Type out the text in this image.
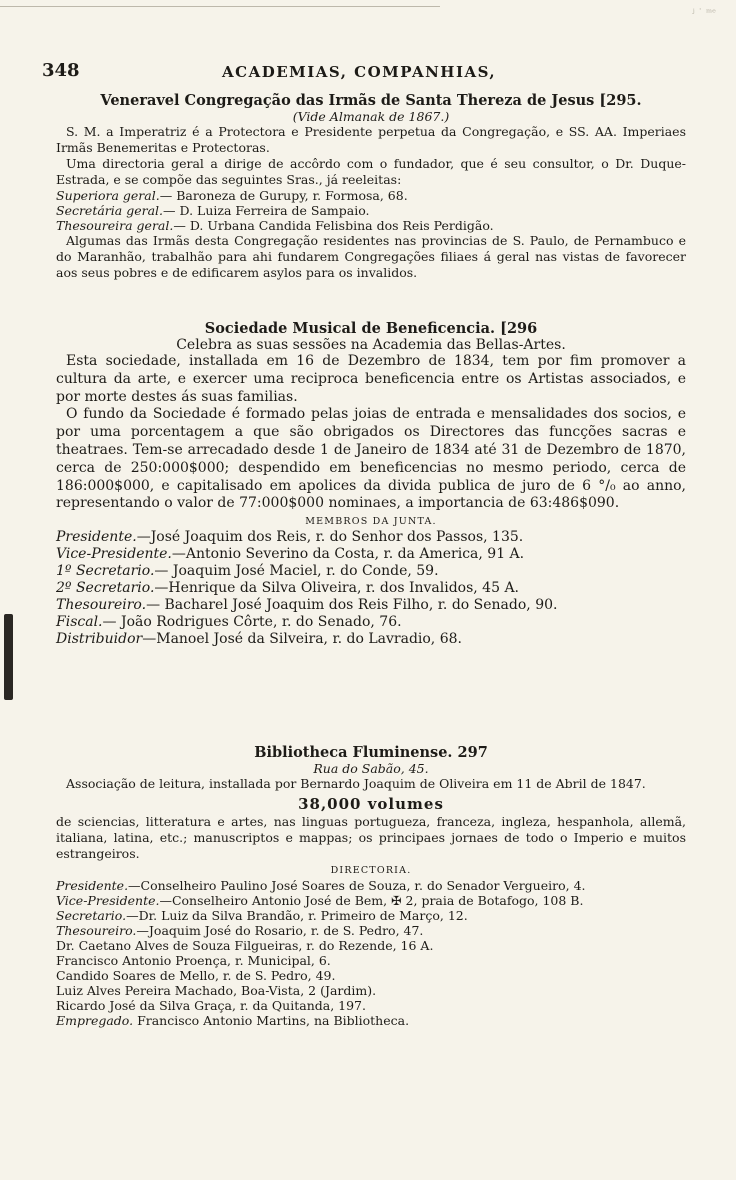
ʲ ˙ ᵐᵉ
348	ACADEMIAS, COMPANHIAS,
Veneravel Congregação das Irmãs de Santa Thereza de Jesus [295.
(Vide Almanak de 1867.)

S. M. a Imperatriz é a Protectora e Presidente perpetua da Congregação, e SS. AA. Imperiaes Irmãs Benemeritas e Protectoras.

Uma directoria geral a dirige de accôrdo com o fundador, que é seu consultor, o Dr. Duque-Estrada, e se compõe das seguintes Sras., já reeleitas:

Superiora geral.— Baroneza de Gurupy, r. Formosa, 68.

Secretária geral.— D. Luiza Ferreira de Sampaio.

Thesoureira geral.— D. Urbana Candida Felisbina dos Reis Perdigão.

Algumas das Irmãs desta Congregação residentes nas provincias de S. Paulo, de Pernambuco e do Maranhão, trabalhão para ahi fundarem Congregações filiaes á geral nas vistas de favorecer aos seus pobres e de edificarem asylos para os invalidos.

Sociedade Musical de Beneficencia. [296
Celebra as suas sessões na Academia das Bellas-Artes.

Esta sociedade, installada em 16 de Dezembro de 1834, tem por fim promover a cultura da arte, e exercer uma reciproca beneficencia entre os Artistas associados, e por morte destes ás suas familias.

O fundo da Sociedade é formado pelas joias de entrada e mensalidades dos socios, e por uma porcentagem a que são obrigados os Directores das funcções sacras e theatraes. Tem-se arrecadado desde 1 de Janeiro de 1834 até 31 de Dezembro de 1870, cerca de 250:000$000; despendido em beneficencias no mesmo periodo, cerca de 186:000$000, e capitalisado em apolices da divida publica de juro de 6 °/₀ ao anno, representando o valor de 77:000$000 nominaes, a importancia de 63:486$090.

MEMBROS DA JUNTA.

Presidente.—José Joaquim dos Reis, r. do Senhor dos Passos, 135.

Vice-Presidente.—Antonio Severino da Costa, r. da America, 91 A.

1º Secretario.— Joaquim José Maciel, r. do Conde, 59.

2º Secretario.—Henrique da Silva Oliveira, r. dos Invalidos, 45 A.

Thesoureiro.— Bacharel José Joaquim dos Reis Filho, r. do Senado, 90.

Fiscal.— João Rodrigues Côrte, r. do Senado, 76.

Distribuidor—Manoel José da Silveira, r. do Lavradio, 68.

Bibliotheca Fluminense. 297
Rua do Sabão, 45.

Associação de leitura, installada por Bernardo Joaquim de Oliveira em 11 de Abril de 1847.

38,000 volumes

de sciencias, litteratura e artes, nas linguas portugueza, franceza, ingleza, hespanhola, allemã, italiana, latina, etc.; manuscriptos e mappas; os principaes jornaes de todo o Imperio e muitos estrangeiros.

DIRECTORIA.

Presidente.—Conselheiro Paulino José Soares de Souza, r. do Senador Vergueiro, 4.

Vice-Presidente.—Conselheiro Antonio José de Bem, ✠ 2, praia de Botafogo, 108 B.

Secretario.—Dr. Luiz da Silva Brandão, r. Primeiro de Março, 12.

Thesoureiro.—Joaquim José do Rosario, r. de S. Pedro, 47.

Dr. Caetano Alves de Souza Filgueiras, r. do Rezende, 16 A.

Francisco Antonio Proença, r. Municipal, 6.

Candido Soares de Mello, r. de S. Pedro, 49.

Luiz Alves Pereira Machado, Boa-Vista, 2 (Jardim).

Ricardo José da Silva Graça, r. da Quitanda, 197.

Empregado. Francisco Antonio Martins, na Bibliotheca.
